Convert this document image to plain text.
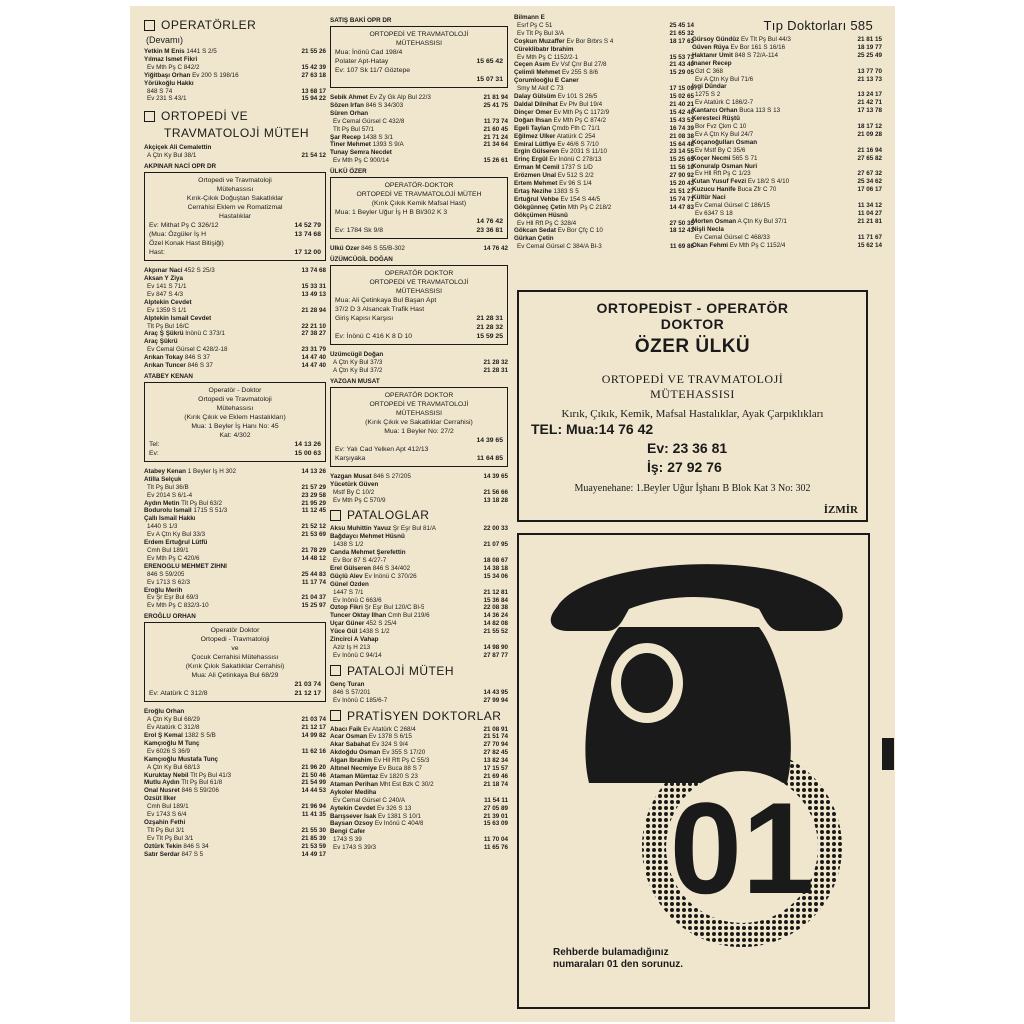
Tıp Doktorları 585
OPERATÖRLER
(Devamı)
Yetkin M Enis 1441 S 2/5	21 55 26
Yılmaz İsmet Fikri
Ev Mth Pş C 842/2	15 42 39
Yiğitbaşı Orhan Ev 200 S 198/16	27 63 18
Yörükoğlu Hakkı
848 S 74	13 68 17
Ev 231 S 43/1	15 94 22
ORTOPEDİ VE
TRAVMATOLOJİ MÜTEH
Akçiçek Ali Cemalettin
A Çtn Ky Bul 38/1	21 54 12
AKPINAR NACİ OPR DR
Ortopedi ve Travmatoloji
Mütehassısı
Kırık-Çıkık Doğuştan Sakatlıklar
Cerrahisi Eklem ve Romatizmal
Hastalıklar
Ev: Mithat Pş C 326/12	14 52 79
(Mua: Özgüler İş H	13 74 68
Özel Konak Hast Bitişiği)
Hast:	17 12 00
Akpınar Naci 452 S 25/3	13 74 68
Aksan Y Ziya
Ev 141 S 71/1	15 33 31
Ev 847 S 4/3	13 49 13
Alptekin Cevdet
Ev 1359 S 1/1	21 28 94
Alptekin İsmail Cevdet
Tlt Pş Bul 16/C	22 21 10
Araç Ş Şükrü İnönü C 373/1	27 38 27
Araç Şükrü
Ev Cemal Gürsel C 428/2-18	23 31 79
Arıkan Tokay 846 S 37	14 47 40
Arıkan Tuncer 846 S 37	14 47 40
ATABEY KENAN
Operatör - Doktor
Ortopedi ve Travmatoloji
Mütehassısı
(Kırık Çıkık ve Eklem Hastalıkları)
Mua: 1 Beyler İş Hanı No: 45
Kat: 4/302
Tel:	14 13 26
Ev:	15 00 63
Atabey Kenan 1 Beyler İş H 302	14 13 26
Atilla Selçuk
Tlt Pş Bul 36/B	21 57 29
Ev 2014 S 6/1-4	23 29 58
Aydın Metin Tlt Pş Bul 63/2	21 95 29
Bodurolu İsmail 1715 S 51/3	11 12 45
Çallı İsmail Hakkı
1440 S 1/3	21 52 12
Ev A Çtn Ky Bul 33/3	21 53 69
Erdem Ertuğrul Lütfü
Cmh Bul 189/1	21 78 29
Ev Mth Pş C 420/6	14 48 12
ERENOĞLU MEHMET ZİHNİ
846 S 59/205	25 44 83
Ev 1713 S 62/3	11 17 74
Eroğlu Merih
Ev Şr Eşr Bul 69/3	21 04 37
Ev Mth Pş C 832/3-10	15 25 97
EROĞLU ORHAN
Operatör Doktor
Ortopedi - Travmatoloji
ve
Çocuk Cerrahisi Mütehassısı
(Kırık Çıkık Sakatlıklar Cerrahisi)
Mua: Ali Çetinkaya Bul 68/29
21 03 74
Ev: Atatürk C 312/8	21 12 17
Eroğlu Orhan
A Çtn Ky Bul 68/29	21 03 74
Ev Atatürk C 312/8	21 12 17
Erol Ş Kemal 1382 S 5/B	14 99 82
Kamçıoğlu M Tunç
Ev 6026 S 36/9	11 62 16
Kamçıoğlu Mustafa Tunç
A Çtn Ky Bul 68/13	21 96 20
Kuruktay Nebil Tlt Pş Bul 41/3	21 50 46
Mutlu Aydın Tlt Pş Bul 61/8	21 54 99
Önal Nusret 846 S 59/206	14 44 53
Özsüt İlker
Cmh Bul 189/1	21 96 94
Ev 1743 S 6/4	11 41 35
Özşahin Fethi
Tlt Pş Bul 3/1	21 55 30
Ev Tlt Pş Bul 3/1	21 85 39
Öztürk Tekin 846 S 34	21 53 59
Satır Serdar 847 S 5	14 49 17
SATIŞ BAKİ OPR DR
ORTOPEDİ VE TRAVMATOLOJİ
MÜTEHASSISI
Mua: İnönü Cad 198/4
Polater Apt-Hatay	15 65 42
Ev: 107 Sk 11/7 Göztepe
15 07 31
Sebik Ahmet Ev Zy Gk Alp Bul 22/3	21 81 94
Sözen İrfan 846 S 34/303	25 41 75
Süren Orhan
Ev Cemal Gürsel C 432/8	11 73 74
Tlt Pş Bul 57/1	21 60 45
Şar Recep 1438 S 3/1	21 71 24
Tiner Mehmet 1393 S 9/A	21 34 64
Tunay Semra Necdet
Ev Mth Pş C 900/14	15 26 61
ÜLKÜ ÖZER
OPERATÖR-DOKTOR
ORTOPEDİ VE TRAVMATOLOJİ MÜTEH
(Kırık Çıkık Kemik Mafsal Hast)
Mua: 1 Beyler Uğur İş H B Bl/302 K 3
14 76 42
Ev: 1784 Sk 9/8	23 36 81
Ülkü Özer 846 S 55/B-302	14 76 42
ÜZÜMCÜGİL DOĞAN
OPERATÖR DOKTOR
ORTOPEDİ VE TRAVMATOLOJİ
MÜTEHASSISI
Mua: Ali Çetinkaya Bul Başarı Apt
37/2 D 3 Alsancak Trafik Hast
Giriş Kapısı Karşısı	21 28 31
21 28 32
Ev: İnönü C 416 K 8 D 10	15 59 25
Üzümcügil Doğan
A Çtn Ky Bul 37/3	21 28 32
A Çtn Ky Bul 37/2	21 28 31
YAZGAN MUSAT
OPERATÖR DOKTOR
ORTOPEDİ VE TRAVMATOLOJİ
MÜTEHASSISI
(Kırık Çıkık ve Sakatlıklar Cerrahisi)
Mua: 1 Beyler No: 27/2
14 39 65
Ev: Yalı Cad Yelken Apt 412/13
Karşıyaka	11 64 85
Yazgan Musat 846 S 27/205	14 39 65
Yücetürk Güven
Mstf By C 10/2	21 56 66
Ev Mth Pş C 570/9	13 18 28
PATALOGLAR
Aksu Muhittin Yavuz Şr Eşr Bul 81/A	22 00 33
Bağdaycı Mehmet Hüsnü
1438 S 1/2	21 07 95
Canda Mehmet Şerefettin
Ev Bor 87 S 4/27-7	18 08 67
Erel Gülseren 846 S 34/402	14 38 18
Güçlü Alev Ev İnönü C 370/26	15 34 06
Günel Özden
1447 S 7/1	21 12 81
Ev İnönü C 663/6	15 36 84
Öztop Fikri Şr Eşr Bul 120/C Bl-5	22 08 38
Tuncer Oktay İlhan Cmh Bul 219/6	14 36 24
Uçar Güner 452 S 25/4	14 82 08
Yüce Gül 1438 S 1/2	21 55 52
Zincirci A Vahap
Aziz İş H 213	14 98 90
Ev İnönü C 94/14	27 87 77
PATALOJİ MÜTEH
Genç Turan
846 S 57/201	14 43 95
Ev İnönü C 185/6-7	27 99 94
PRATİSYEN DOKTORLAR
Abacı Faik Ev Atatürk C 268/4	21 08 91
Acar Osman Ev 1378 S 6/15	21 51 74
Akar Sabahat Ev 324 S 9/4	27 70 94
Akdoğdu Osman Ev 355 S 17/20	27 82 45
Algan İbrahim Ev Hll Rft Pş C 55/3	13 82 34
Altınel Necmiye Ev Buca 88 S 7	17 15 57
Ataman Mümtaz Ev 1820 S 23	21 69 46
Ataman Perihan Mht Est Bzk C 30/2	21 18 74
Aykoler Mediha
Ev Cemal Gürsel C 240/A	11 54 11
Aytekin Cevdet Ev 326 S 13	27 05 89
Barışsever İsak Ev 1381 S 10/1	21 39 01
Baysan Özsoy Ev İnönü C 404/8	15 63 09
Bengi Cafer
1743 S 39	11 70 04
Ev 1743 S 39/3	11 65 76
Bilmann E
Esrf Pş C 51	25 45 14
Ev Tlt Pş Bul 3/A	21 65 32
Coşkun Muzaffer Ev Bor Brbrs S 4	18 17 63
Cüreklibatır İbrahim
Ev Mth Pş C 1152/2-1	15 53 73
Ceçen Asım Ev Vsf Çnr Bul 27/8	21 43 40
Çelimli Mehmet Ev 255 S 8/6	15 29 05
Çorumlooğlu E Caner
Smy M Akif C 73	17 15 09
Dalay Gülsüm Ev 101 S 26/5	15 02 65
Daldal Dilnihat Ev Plv Bul 19/4	21 40 21
Dinçer Ömer Ev Mth Pş C 1172/9	15 42 40
Doğan İhsan Ev Mth Pş C 874/2	15 43 53
Egeli Taylan Çmdb Fth C 71/1	16 74 39
Eğilmez Ülker Atatürk C 254	21 08 38
Emiral Lütfiye Ev 46/6 S 7/10	15 64 48
Ergin Gülseren Ev 2031 S 11/10	23 14 55
Erinç Ergül Ev İnönü C 278/13	15 25 65
Erman M Cemil 1737 S 1/D	11 56 10
Erözmen Ünal Ev 512 S 2/2	27 90 92
Ertem Mehmet Ev 96 S 1/4	15 20 43
Ertaş Nezihe 1383 S 5	21 51 27
Ertuğrul Vehbe Ev 154 S 44/5	15 74 71
Gökgünneç Çetin Mth Pş C 218/2	14 47 83
Gökçümen Hüsnü
Ev Hll Rft Pş C 328/4	27 50 35
Gökcan Sedat Ev Bor Çfç C 10	18 12 43
Gürkan Çetin
Ev Cemal Gürsel C 384/A Bl-3	11 69 86
Gürsoy Gündüz Ev Tlt Pş Bul 44/3	21 81 15
Güven Rüya Ev Bor 161 S 16/16	18 19 77
Haktanır Ümit 848 S 72/A-114	25 25 49
İnaner Recep
Gzl C 368	13 77 70
Ev A Çtn Ky Bul 71/6	21 13 73
İşgi Dündar
1275 S 2	13 24 17
Ev Atatürk C 186/2-7	21 42 71
Kantarcı Orhan Buca 113 S 13	17 13 78
Keresteci Rüştü
Bor Fvz Çkm C 10	18 17 12
Ev A Çtn Ky Bul 24/7	21 09 28
Koçanoğulları Osman
Ev Mstf By C 35/6	21 16 94
Koçer Necmi 565 S 71	27 65 82
Konuralp Osman Nuri
Ev Hll Rft Pş C 1/23	27 67 32
Kutan Yusuf Fevzi Ev 18/2 S 4/10	25 34 62
Kuzucu Hanife Buca Zfr C 70	17 06 17
Kültür Naci
Ev Cemal Gürsel C 186/15	11 34 12
Ev 6347 S 18	11 04 27
Morten Osman A Çtn Ky Bul 37/1	21 21 81
Nişli Necla
Ev Cemal Gürsel C 468/33	11 71 67
Okan Fehmi Ev Mth Pş C 1152/4	15 62 14
ORTOPEDİST - OPERATÖR
DOKTOR
ÖZER ÜLKÜ
ORTOPEDİ VE TRAVMATOLOJİ
MÜTEHASSISI
Kırık, Çıkık, Kemik, Mafsal Hastalıklar, Ayak Çarpıklıkları
TEL: Mua:14 76 42
Ev: 23 36 81
İş: 27 92 76
Muayenehane: 1.Beyler Uğur İşhanı B Blok Kat 3 No: 302
İZMİR
01
Rehberde bulamadığınız
numaraları 01 den sorunuz.
